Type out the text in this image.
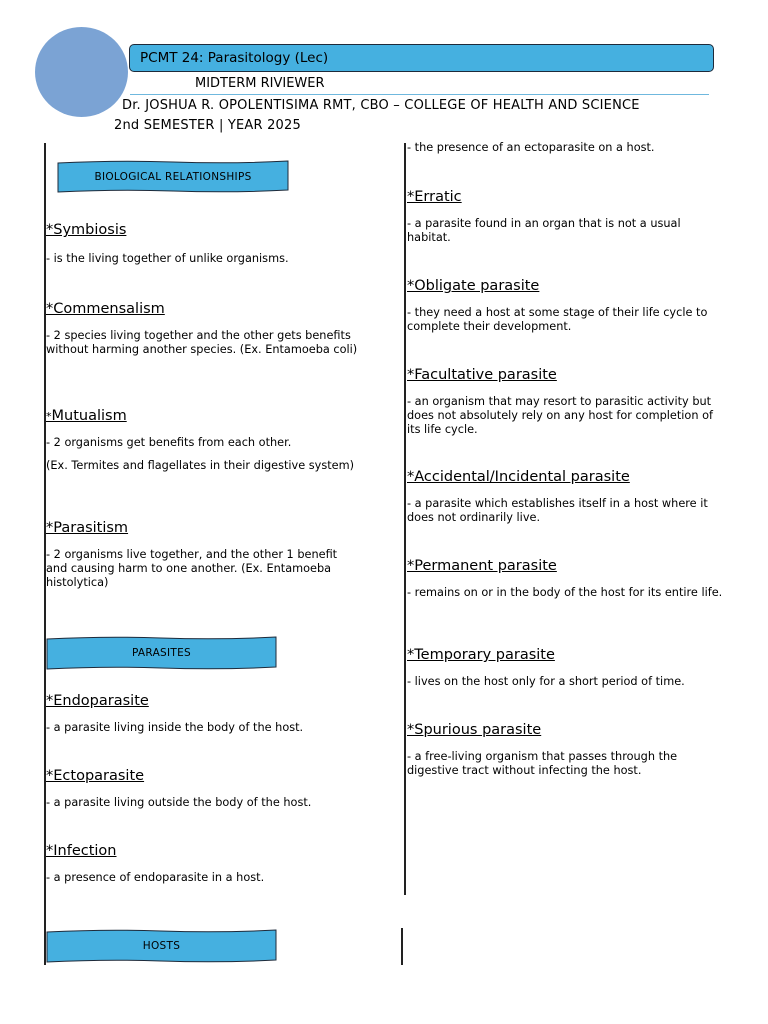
PCMT 24: Parasitology (Lec)
MIDTERM RIVIEWER
Dr. JOSHUA R. OPOLENTISIMA RMT, CBO – COLLEGE OF HEALTH AND SCIENCE
2nd SEMESTER | YEAR 2025
BIOLOGICAL RELATIONSHIPS
*Symbiosis
- is the living together of unlike organisms.
*Commensalism
- 2 species living together and the other gets benefits without harming another species. (Ex. Entamoeba coli)
*Mutualism
- 2 organisms get benefits from each other.
(Ex. Termites and flagellates in their digestive system)
*Parasitism
- 2 organisms live together, and the other 1 benefit and causing harm to one another. (Ex. Entamoeba histolytica)
PARASITES
*Endoparasite
- a parasite living inside the body of the host.
*Ectoparasite
- a parasite living outside the body of the host.
*Infection
- a presence of endoparasite in a host.
HOSTS
- the presence of an ectoparasite on a host.
*Erratic
- a parasite found in an organ that is not a usual habitat.
*Obligate parasite
- they need a host at some stage of their life cycle to complete their development.
*Facultative parasite
- an organism that may resort to parasitic activity but does not absolutely rely on any host for completion of its life cycle.
*Accidental/Incidental parasite
- a parasite which establishes itself in a host where it does not ordinarily live.
*Permanent parasite
- remains on or in the body of the host for its entire life.
*Temporary parasite
- lives on the host only for a short period of time.
*Spurious parasite
- a free-living organism that passes through the digestive tract without infecting the host.
